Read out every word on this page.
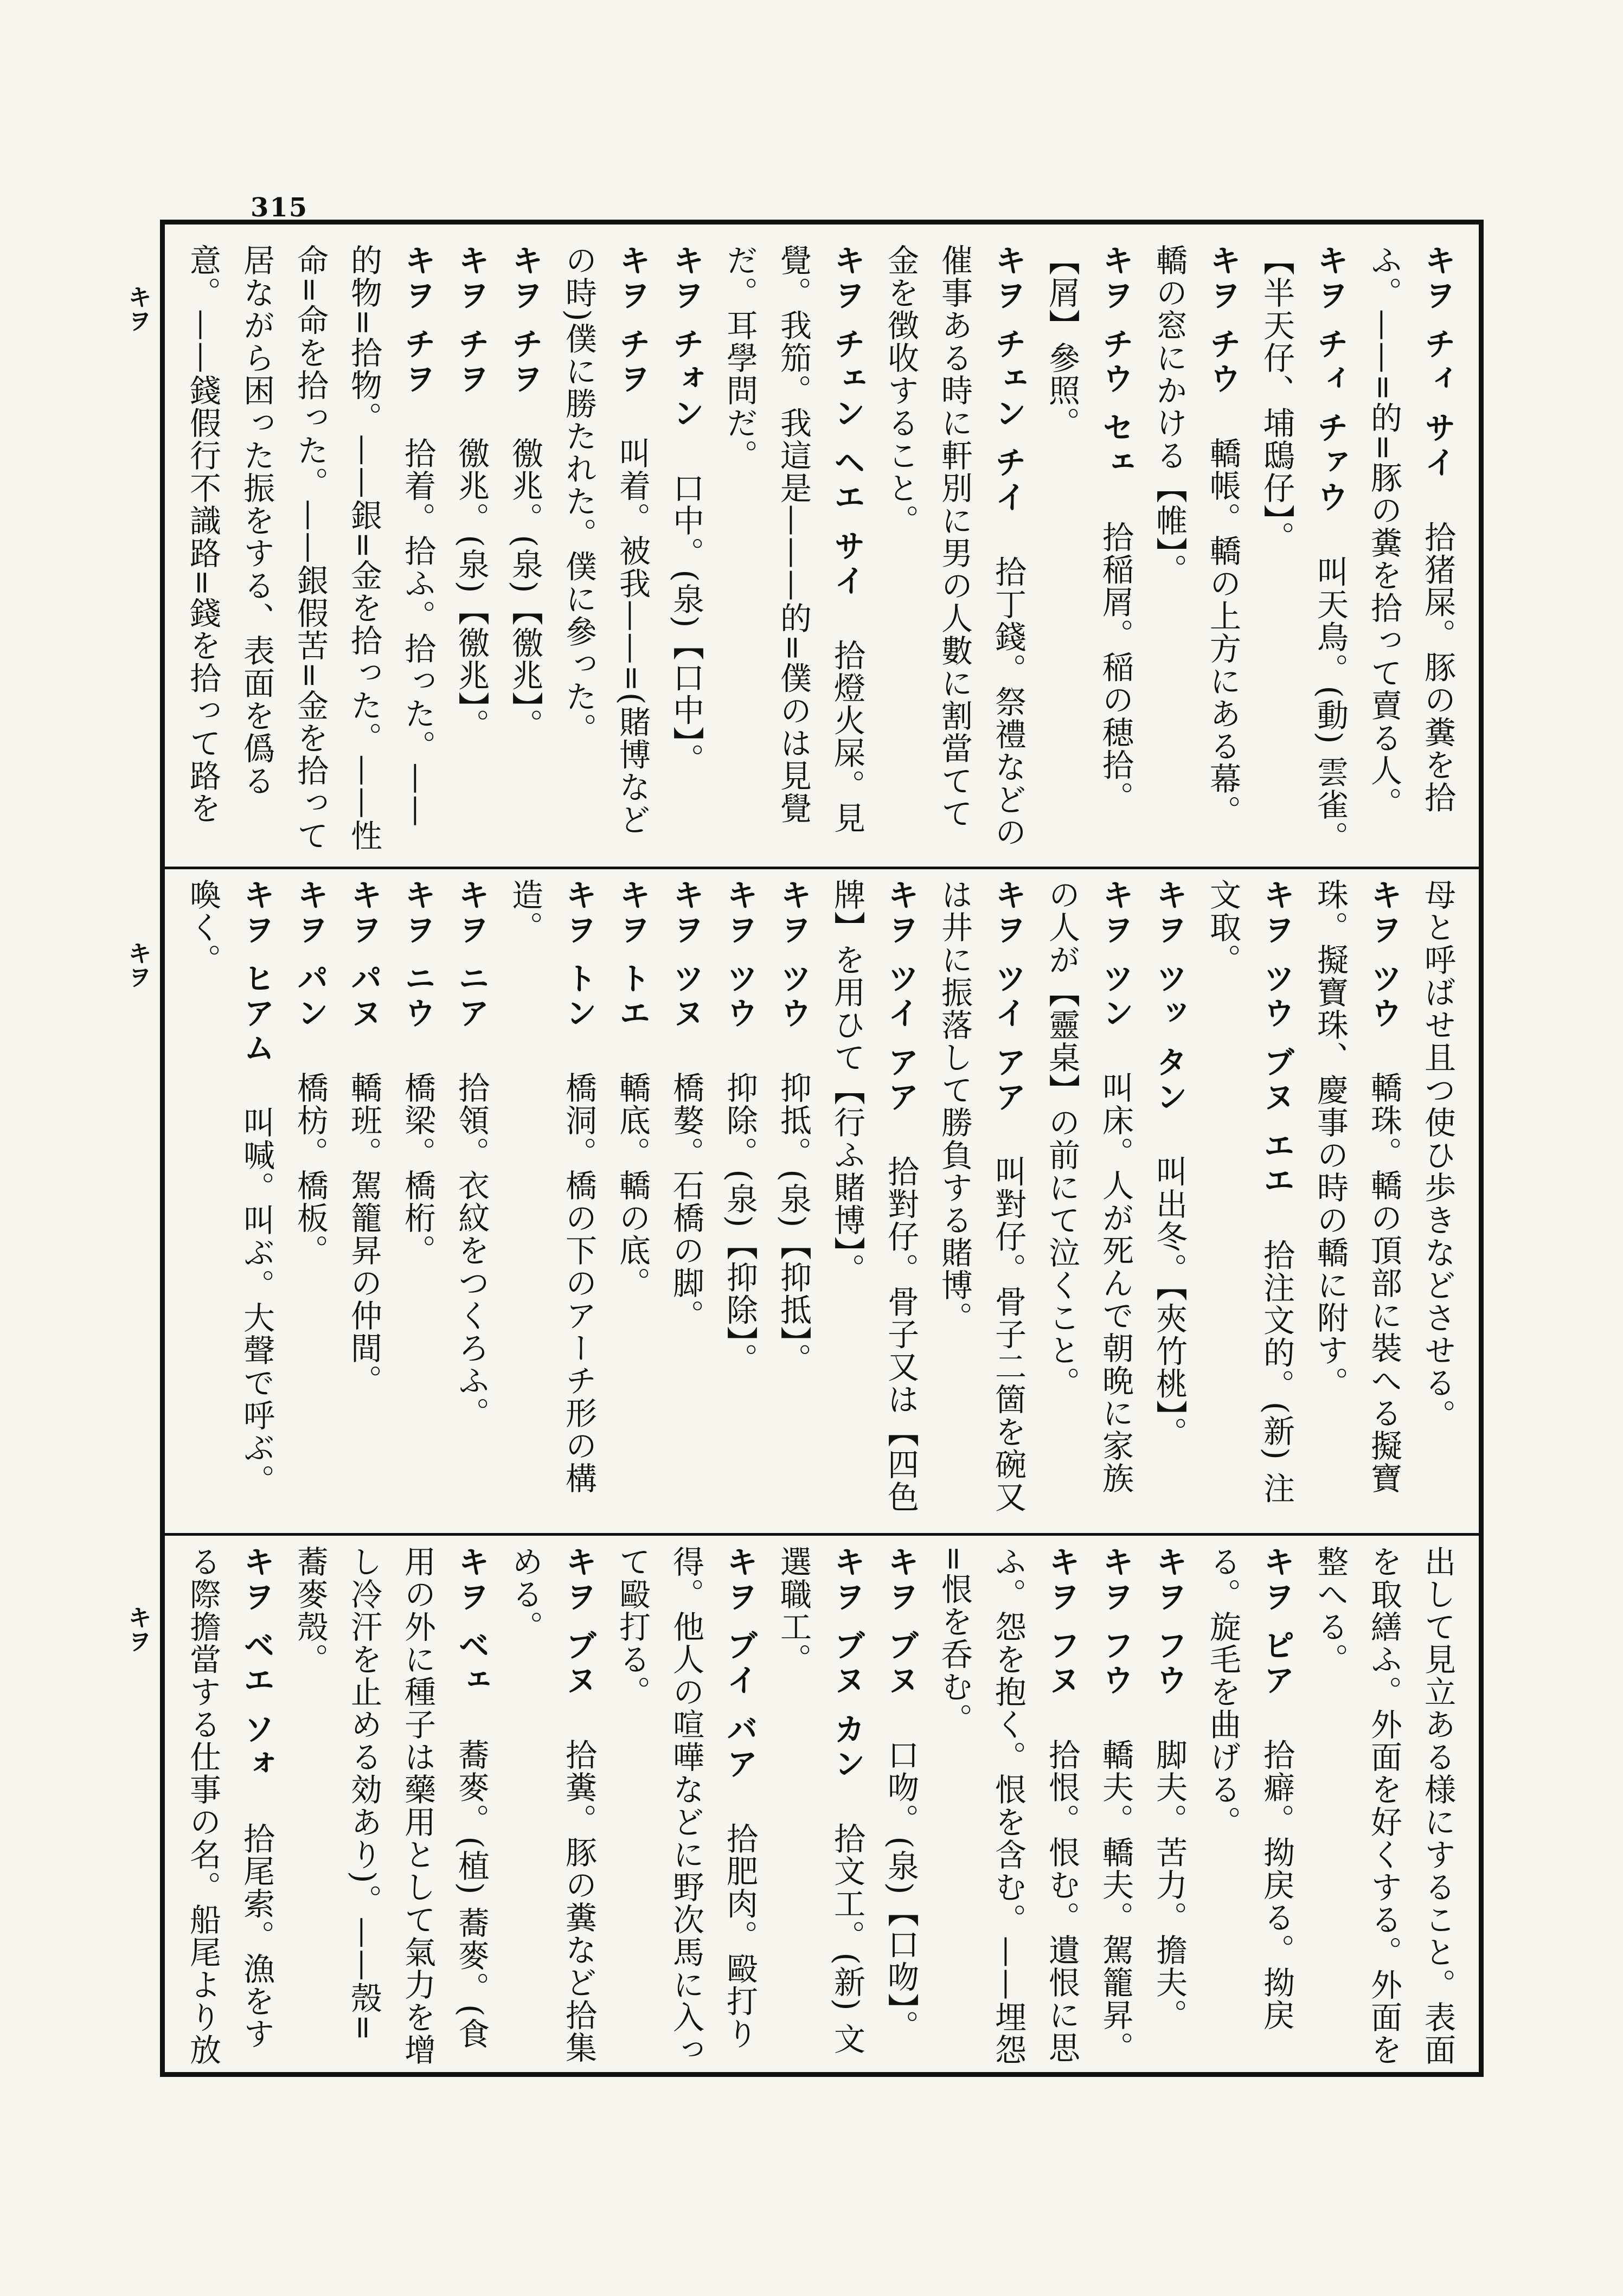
315
キヲ
キヲ
キヲ

キヲ チィ サイ　拾猪屎。豚の糞を拾ふ。——=的=豚の糞を拾って賣る人。

キヲ チィ チァウ　叫天鳥。(動) 雲雀。【半天仔、埔鴟仔】。

キヲ チウ　轎帳。轎の上方にある幕。轎の窓にかける【帷】。

キヲ チウ セェ　拾稲屑。稲の穂拾。【屑】參照。

キヲ チェン チイ　拾丁錢。祭禮などの催事ある時に軒別に男の人數に割當てて金を徴收すること。

キヲ チェン ヘエ サイ　拾燈火屎。見覺。我笳。我這是———的=僕のは見覺だ。耳學問だ。

キヲ チォン　口中。(泉)【口中】。

キヲ チヲ　叫着。被我——=(賭博などの時)僕に勝たれた。僕に參った。

キヲ チヲ　徼兆。(泉)【徼兆】。

キヲ チヲ　徼兆。(泉)【徼兆】。

キヲ チヲ　拾着。拾ふ。拾った。——的物=拾物。——銀=金を拾った。——性命=命を拾った。——銀假苦=金を拾って居ながら困った振をする、表面を僞る意。——錢假行不識路=錢を拾って路を

母と呼ばせ且つ使ひ歩きなどさせる。

キヲ ツウ　轎珠。轎の頂部に裝へる擬寶珠。擬寶珠、慶事の時の轎に附す。

キヲ ツウ ブヌ エエ　拾注文的。(新) 注文取。

キヲ ツッ タン　叫出冬。【夾竹桃】。

キヲ ツン　叫床。人が死んで朝晩に家族の人が【靈桌】の前にて泣くこと。

キヲ ツイ アア　叫對仔。骨子二箇を碗又は井に振落して勝負する賭博。

キヲ ツイ アア　拾對仔。骨子又は【四色牌】を用ひて【行ふ賭博】。

キヲ ツウ　抑抵。(泉)【抑抵】。

キヲ ツウ　抑除。(泉)【抑除】。

キヲ ツヌ　橋嫯。石橋の脚。

キヲ トエ　轎底。轎の底。

キヲ トン　橋洞。橋の下のアーチ形の構造。

キヲ ニア　拾領。衣紋をつくろふ。

キヲ ニウ　橋梁。橋桁。

キヲ パヌ　轎班。駕籠昇の仲間。

キヲ パン　橋枋。橋板。

キヲ ヒアム　叫喊。叫ぶ。大聲で呼ぶ。喚く。

出して見立ある様にすること。表面を取繕ふ。外面を好くする。外面を整へる。

キヲ ピア　拾癖。拗戻る。拗戻る。旋毛を曲げる。

キヲ フウ　脚夫。苦力。擔夫。

キヲ フウ　轎夫。轎夫。駕籠昇。

キヲ フヌ　拾恨。恨む。遺恨に思ふ。怨を抱く。恨を含む。——埋怨=恨を呑む。

キヲ ブヌ　口吻。(泉)【口吻】。

キヲ ブヌ カン　拾文工。(新) 文選職工。

キヲ ブイ バア　拾肥肉。毆打り得。他人の喧嘩などに野次馬に入って毆打る。

キヲ ブヌ　拾糞。豚の糞など拾集める。

キヲ ベェ　蕎麥。(植) 蕎麥。(食用の外に種子は藥用として氣力を增し冷汗を止める効あり)。——殼=蕎麥殼。

キヲ ベエ ソォ　拾尾索。漁をする際擔當する仕事の名。船尾より放
